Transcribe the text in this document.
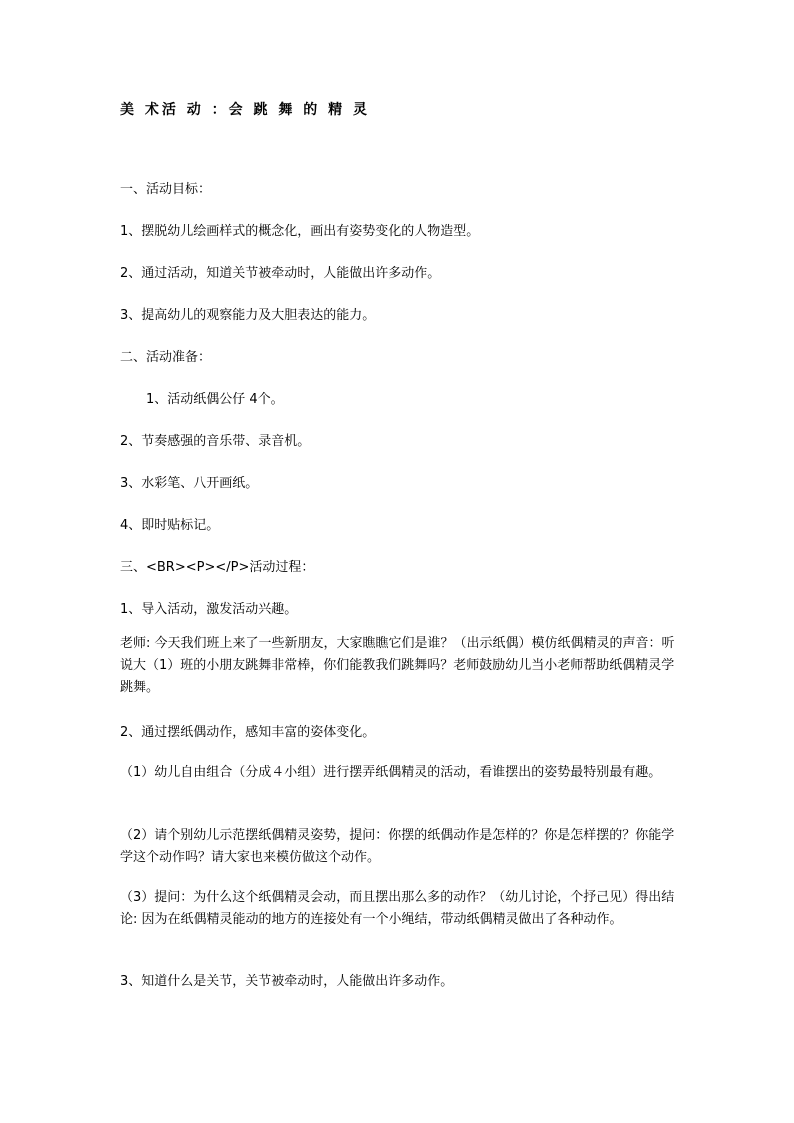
美 术活 动 ：会 跳 舞 的 精 灵
一、活动目标：
1、摆脱幼儿绘画样式的概念化，画出有姿势变化的人物造型。
2、通过活动，知道关节被牵动时，人能做出许多动作。
3、提高幼儿的观察能力及大胆表达的能力。
二、活动准备：
1、活动纸偶公仔 4个。
2、节奏感强的音乐带、录音机。
3、水彩笔、八开画纸。
4、即时贴标记。
三、<BR><P></P>活动过程：
1、导入活动，激发活动兴趣。
老师: 今天我们班上来了一些新朋友，大家瞧瞧它们是谁？（出示纸偶）模仿纸偶精灵的声音：听说大（1）班的小朋友跳舞非常棒，你们能教我们跳舞吗？老师鼓励幼儿当小老师帮助纸偶精灵学跳舞。
2、通过摆纸偶动作，感知丰富的姿体变化。
（1）幼儿自由组合（分成４小组）进行摆弄纸偶精灵的活动，看谁摆出的姿势最特别最有趣。
（2）请个别幼儿示范摆纸偶精灵姿势，提问：你摆的纸偶动作是怎样的？你是怎样摆的？你能学学这个动作吗？请大家也来模仿做这个动作。
（3）提问：为什么这个纸偶精灵会动，而且摆出那么多的动作？（幼儿讨论，个抒己见）得出结论: 因为在纸偶精灵能动的地方的连接处有一个小绳结，带动纸偶精灵做出了各种动作。
3、知道什么是关节，关节被牵动时，人能做出许多动作。
